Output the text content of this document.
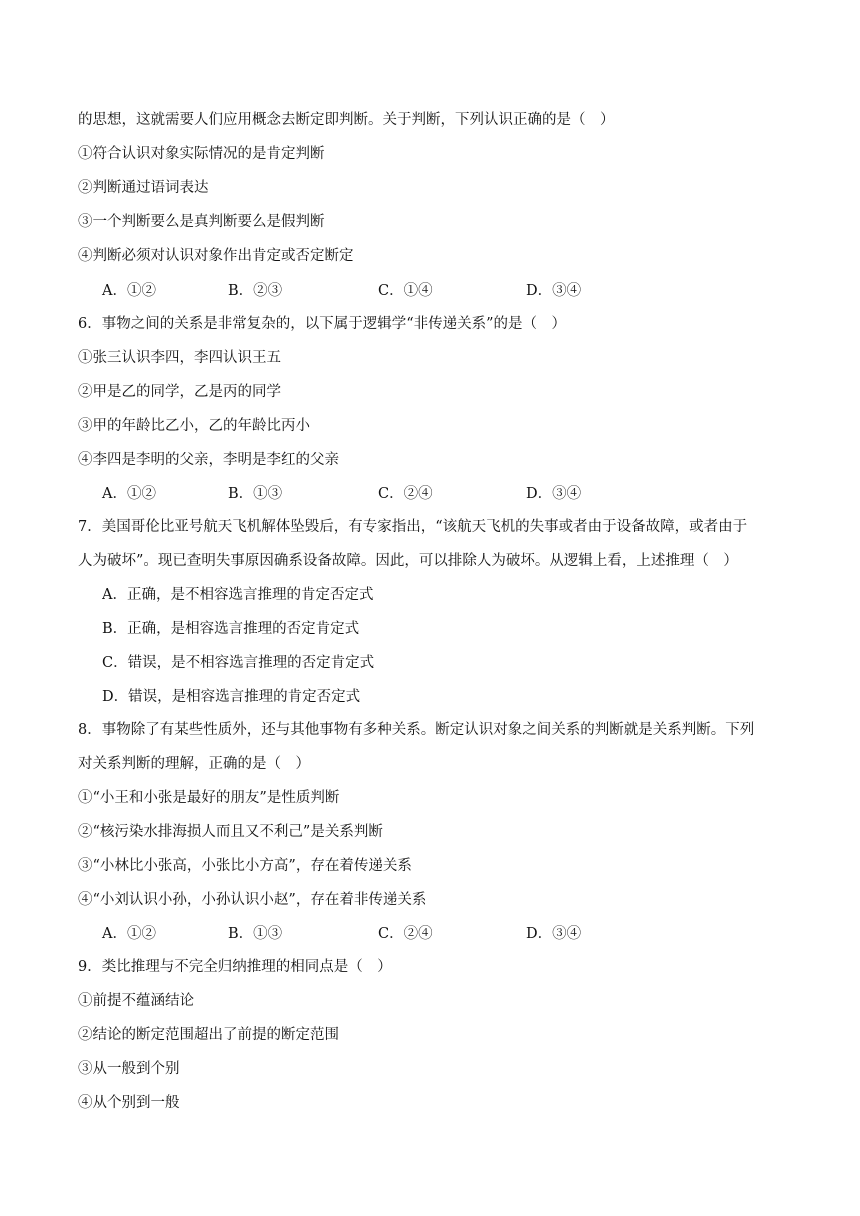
的思想，这就需要人们应用概念去断定即判断。关于判断，下列认识正确的是（　）
①符合认识对象实际情况的是肯定判断
②判断通过语词表达
③一个判断要么是真判断要么是假判断
④判断必须对认识对象作出肯定或否定断定
A．①②	B．②③	C．①④	D．③④
6．事物之间的关系是非常复杂的，以下属于逻辑学“非传递关系”的是（　）
①张三认识李四，李四认识王五
②甲是乙的同学，乙是丙的同学
③甲的年龄比乙小，乙的年龄比丙小
④李四是李明的父亲，李明是李红的父亲
A．①②	B．①③	C．②④	D．③④
7．美国哥伦比亚号航天飞机解体坠毁后，有专家指出，“该航天飞机的失事或者由于设备故障，或者由于
人为破坏”。现已查明失事原因确系设备故障。因此，可以排除人为破坏。从逻辑上看，上述推理（　）
A．正确，是不相容选言推理的肯定否定式
B．正确，是相容选言推理的否定肯定式
C．错误，是不相容选言推理的否定肯定式
D．错误，是相容选言推理的肯定否定式
8．事物除了有某些性质外，还与其他事物有多种关系。断定认识对象之间关系的判断就是关系判断。下列
对关系判断的理解，正确的是（　）
①“小王和小张是最好的朋友”是性质判断
②“核污染水排海损人而且又不利己”是关系判断
③“小林比小张高，小张比小方高”，存在着传递关系
④“小刘认识小孙，小孙认识小赵”，存在着非传递关系
A．①②	B．①③	C．②④	D．③④
9．类比推理与不完全归纳推理的相同点是（　）
①前提不蕴涵结论
②结论的断定范围超出了前提的断定范围
③从一般到个别
④从个别到一般
